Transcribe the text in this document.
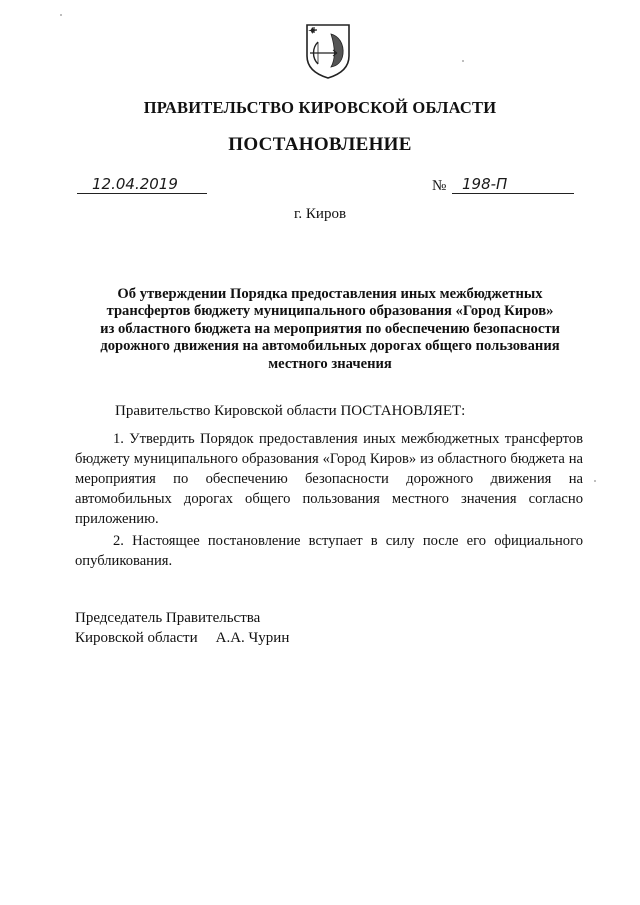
ПРАВИТЕЛЬСТВО КИРОВСКОЙ ОБЛАСТИ
ПОСТАНОВЛЕНИЕ
12.04.2019	№ 198-П
г. Киров
Об утверждении Порядка предоставления иных межбюджетных
трансфертов бюджету муниципального образования «Город Киров»
из областного бюджета на мероприятия по обеспечению безопасности
дорожного движения на автомобильных дорогах общего пользования
местного значения
Правительство Кировской области ПОСТАНОВЛЯЕТ:
1. Утвердить Порядок предоставления иных межбюджетных трансфертов бюджету муниципального образования «Город Киров» из областного бюджета на мероприятия по обеспечению безопасности дорожного движения на автомобильных дорогах общего пользования местного значения согласно приложению.
2. Настоящее постановление вступает в силу после его официального опубликования.
Председатель Правительства
Кировской области А.А. Чурин
